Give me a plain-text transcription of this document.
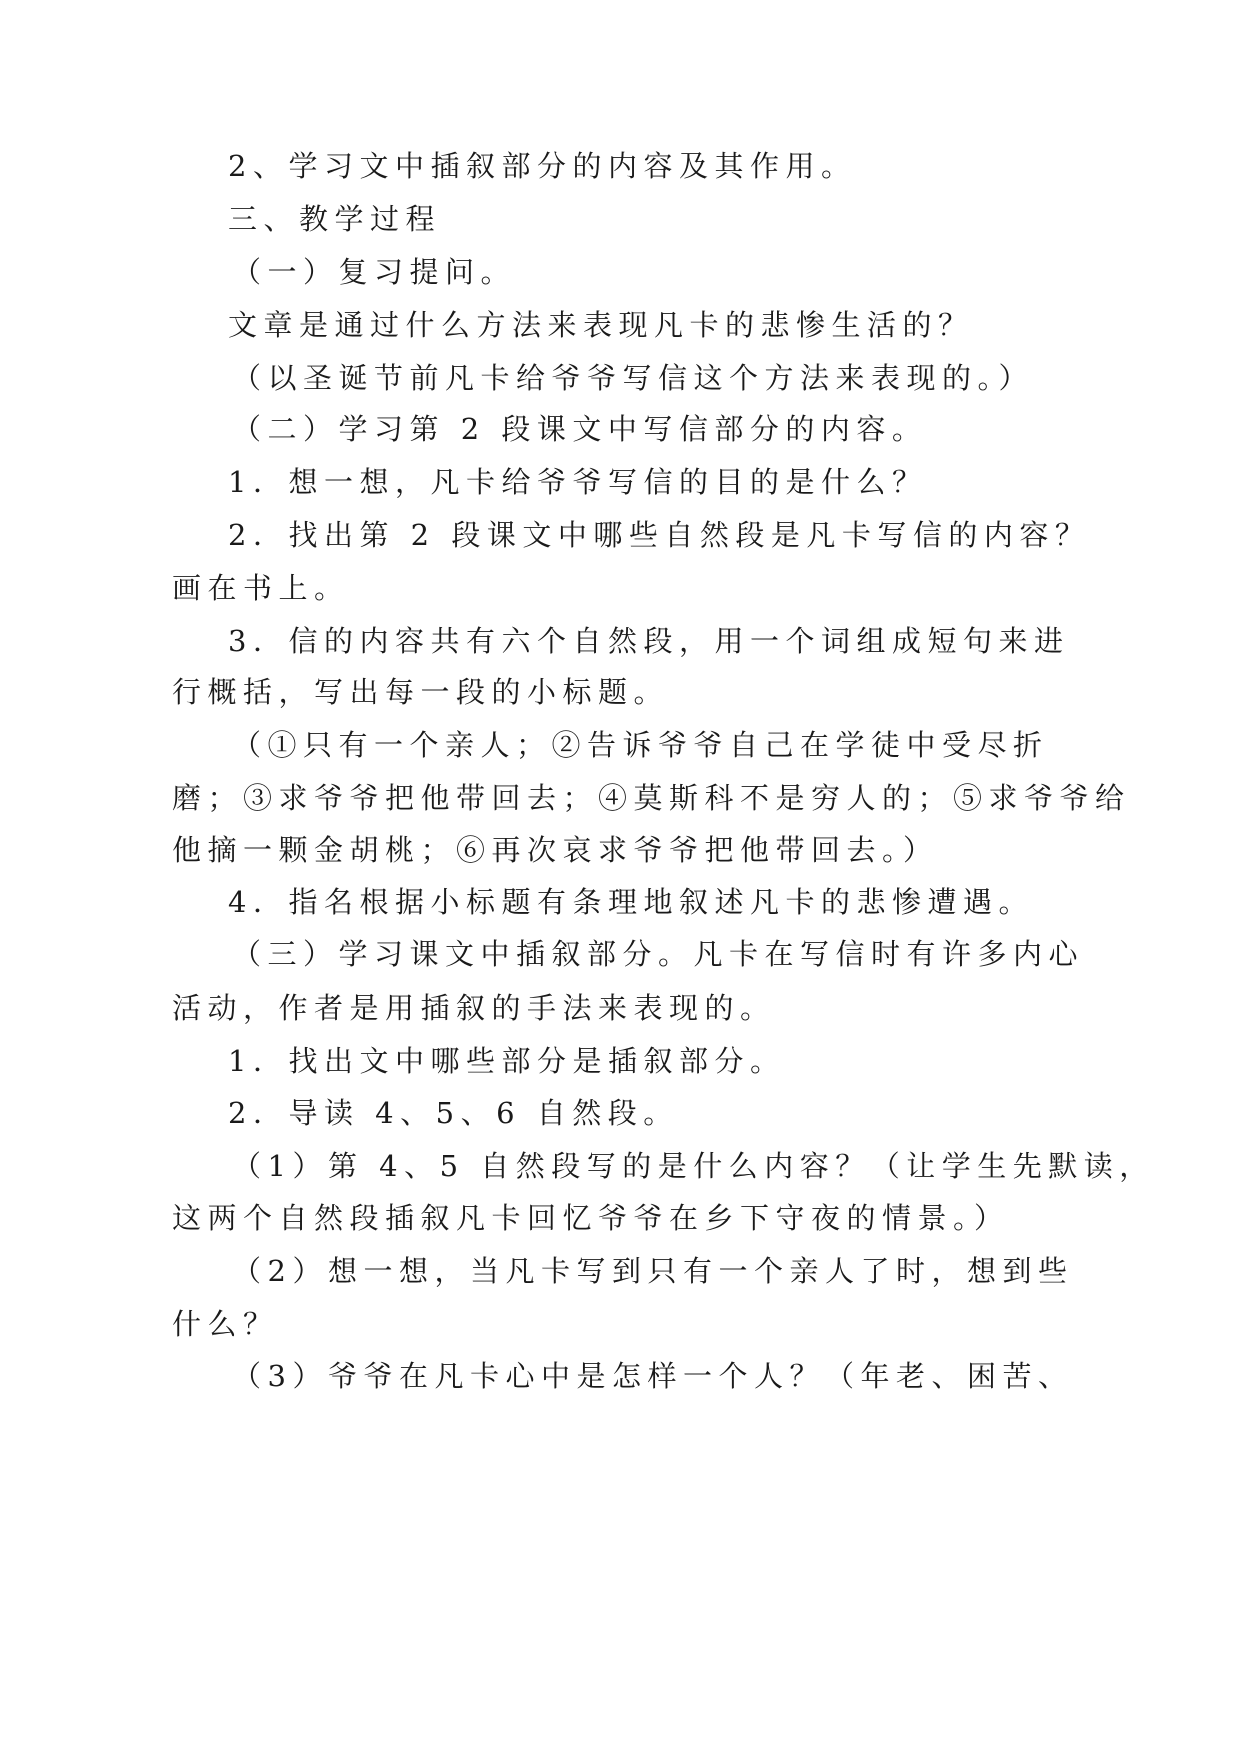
2、学习文中插叙部分的内容及其作用。
三、教学过程
（一）复习提问。
文章是通过什么方法来表现凡卡的悲惨生活的？
（以圣诞节前凡卡给爷爷写信这个方法来表现的。）
（二）学习第 2 段课文中写信部分的内容。
1．想一想，凡卡给爷爷写信的目的是什么？
2．找出第 2 段课文中哪些自然段是凡卡写信的内容？
画在书上。
3．信的内容共有六个自然段，用一个词组成短句来进
行概括，写出每一段的小标题。
（①只有一个亲人；②告诉爷爷自己在学徒中受尽折
磨；③求爷爷把他带回去；④莫斯科不是穷人的；⑤求爷爷给
他摘一颗金胡桃；⑥再次哀求爷爷把他带回去。）
4．指名根据小标题有条理地叙述凡卡的悲惨遭遇。
（三）学习课文中插叙部分。凡卡在写信时有许多内心
活动，作者是用插叙的手法来表现的。
1．找出文中哪些部分是插叙部分。
2．导读 4、5、6 自然段。
（1）第 4、5 自然段写的是什么内容？（让学生先默读，
这两个自然段插叙凡卡回忆爷爷在乡下守夜的情景。）
（2）想一想，当凡卡写到只有一个亲人了时，想到些
什么？
（3）爷爷在凡卡心中是怎样一个人？（年老、困苦、
